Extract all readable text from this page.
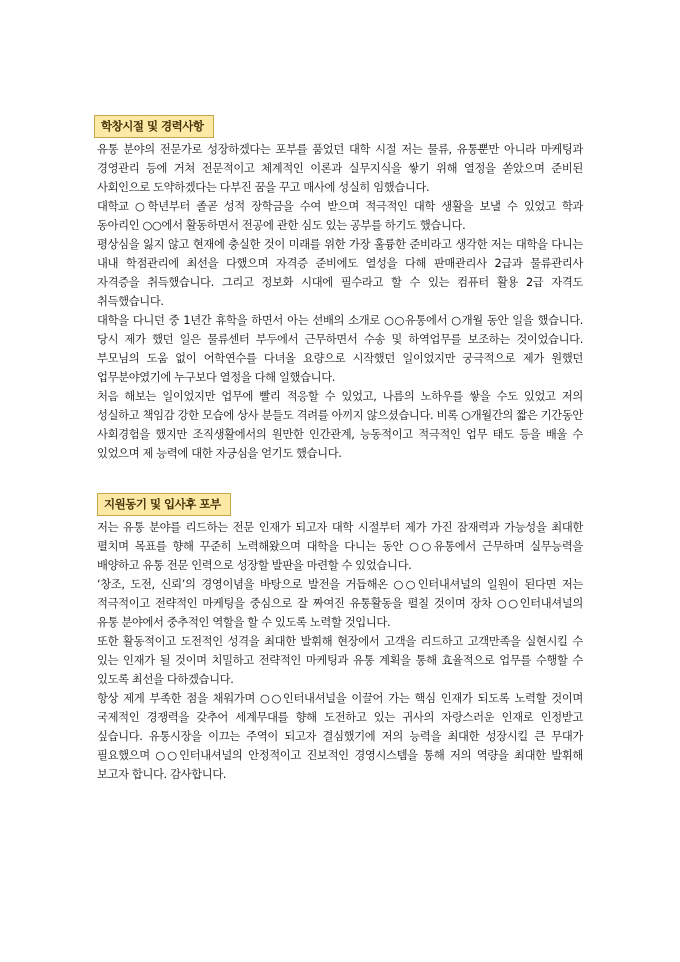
학창시절 및 경력사항

유통 분야의 전문가로 성장하겠다는 포부를 품었던 대학 시절 저는 물류, 유통뿐만 아니라 마케팅과 경영관리 등에 거쳐 전문적이고 체계적인 이론과 실무지식을 쌓기 위해 열정을 쏟았으며 준비된 사회인으로 도약하겠다는 다부진 꿈을 꾸고 매사에 성실히 임했습니다.

대학교 ○학년부터 졸곧 성적 장학금을 수여 받으며 적극적인 대학 생활을 보낼 수 있었고 학과 동아리인 ○○에서 활동하면서 전공에 관한 심도 있는 공부를 하기도 했습니다.

평상심을 잃지 않고 현재에 충실한 것이 미래를 위한 가장 훌륭한 준비라고 생각한 저는 대학을 다니는 내내 학점관리에 최선을 다했으며 자격증 준비에도 열성을 다해 판매관리사 2급과 물류관리사 자격증을 취득했습니다. 그리고 정보화 시대에 필수라고 할 수 있는 컴퓨터 활용 2급 자격도 취득했습니다.

대학을 다니던 중 1년간 휴학을 하면서 아는 선배의 소개로 ○○유통에서 ○개월 동안 일을 했습니다. 당시 제가 했던 일은 물류센터 부두에서 근무하면서 수송 및 하역업무를 보조하는 것이었습니다. 부모님의 도움 없이 어학연수를 다녀올 요량으로 시작했던 일이었지만 궁극적으로 제가 원했던 업무분야였기에 누구보다 열정을 다해 일했습니다.

처음 해보는 일이었지만 업무에 빨리 적응할 수 있었고, 나름의 노하우를 쌓을 수도 있었고 저의 성실하고 책임감 강한 모습에 상사 분들도 격려를 아끼지 않으셨습니다. 비록 ○개월간의 짧은 기간동안 사회경험을 했지만 조직생활에서의 원만한 인간관계, 능동적이고 적극적인 업무 태도 등을 배울 수 있었으며 제 능력에 대한 자긍심을 얻기도 했습니다.

지원동기 및 입사후 포부

저는 유통 분야를 리드하는 전문 인재가 되고자 대학 시절부터 제가 가진 잠재력과 가능성을 최대한 펼치며 목표를 향해 꾸준히 노력해왔으며 대학을 다니는 동안 ○○유통에서 근무하며 실무능력을 배양하고 유통 전문 인력으로 성장할 발판을 마련할 수 있었습니다.

‘창조, 도전, 신뢰’의 경영이념을 바탕으로 발전을 거듭해온 ○○인터내셔널의 일원이 된다면 저는 적극적이고 전략적인 마케팅을 중심으로 잘 짜여진 유통활동을 펼칠 것이며 장차 ○○인터내셔널의 유통 분야에서 중추적인 역할을 할 수 있도록 노력할 것입니다.

또한 활동적이고 도전적인 성격을 최대한 발휘해 현장에서 고객을 리드하고 고객만족을 실현시킬 수 있는 인재가 될 것이며 치밀하고 전략적인 마케팅과 유통 계획을 통해 효율적으로 업무를 수행할 수 있도록 최선을 다하겠습니다.

항상 제게 부족한 점을 채워가며 ○○인터내셔널을 이끌어 가는 핵심 인재가 되도록 노력할 것이며 국제적인 경쟁력을 갖추어 세계무대를 향해 도전하고 있는 귀사의 자랑스러운 인재로 인정받고 싶습니다. 유통시장을 이끄는 주역이 되고자 결심했기에 저의 능력을 최대한 성장시킬 큰 무대가 필요했으며 ○○인터내셔널의 안정적이고 진보적인 경영시스템을 통해 저의 역량을 최대한 발휘해 보고자 합니다. 감사합니다.
